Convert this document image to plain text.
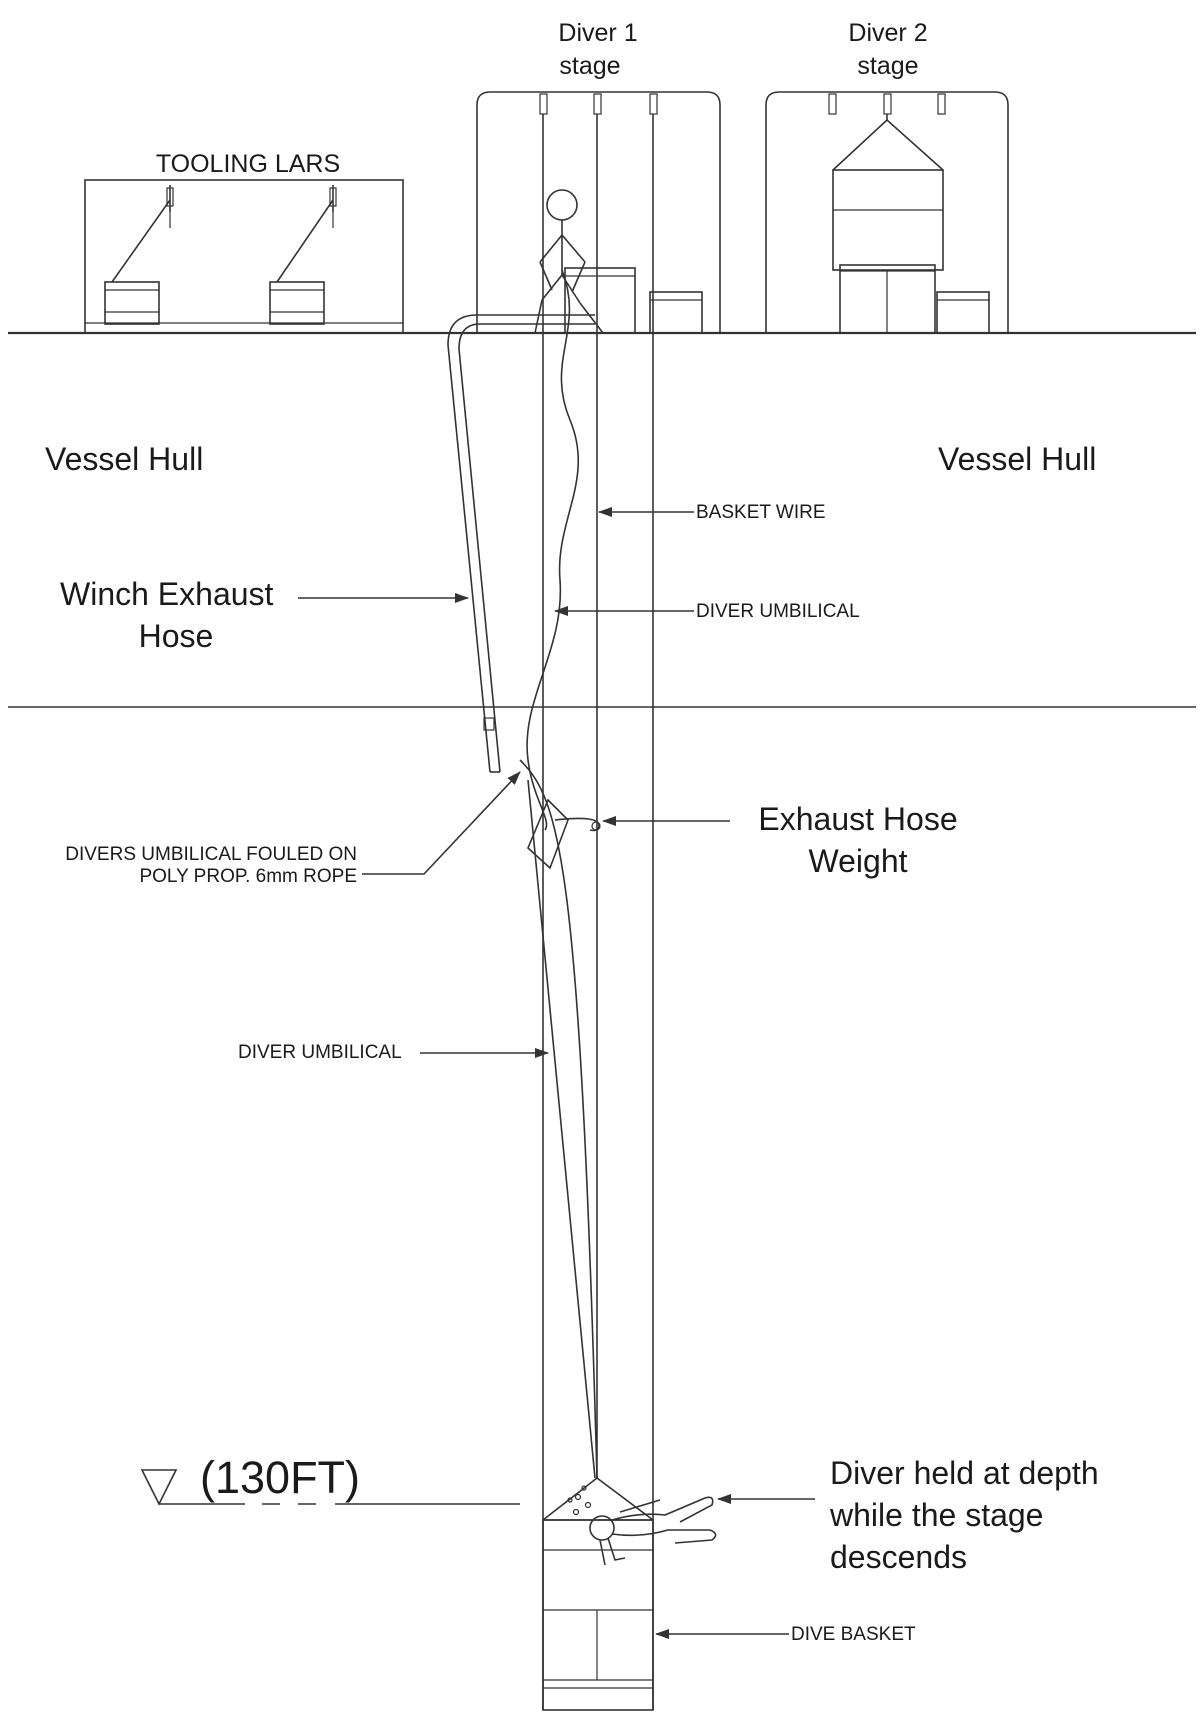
Diver 1
stage
Diver 2
stage
TOOLING LARS
Vessel Hull	Vessel Hull
Winch Exhaust
Hose
BASKET WIRE
DIVER UMBILICAL
Exhaust Hose
Weight
DIVERS UMBILICAL FOULED ON
POLY PROP. 6mm ROPE
DIVER UMBILICAL
(130FT)	Diver held at depth
while the stage
descends
DIVE BASKET
